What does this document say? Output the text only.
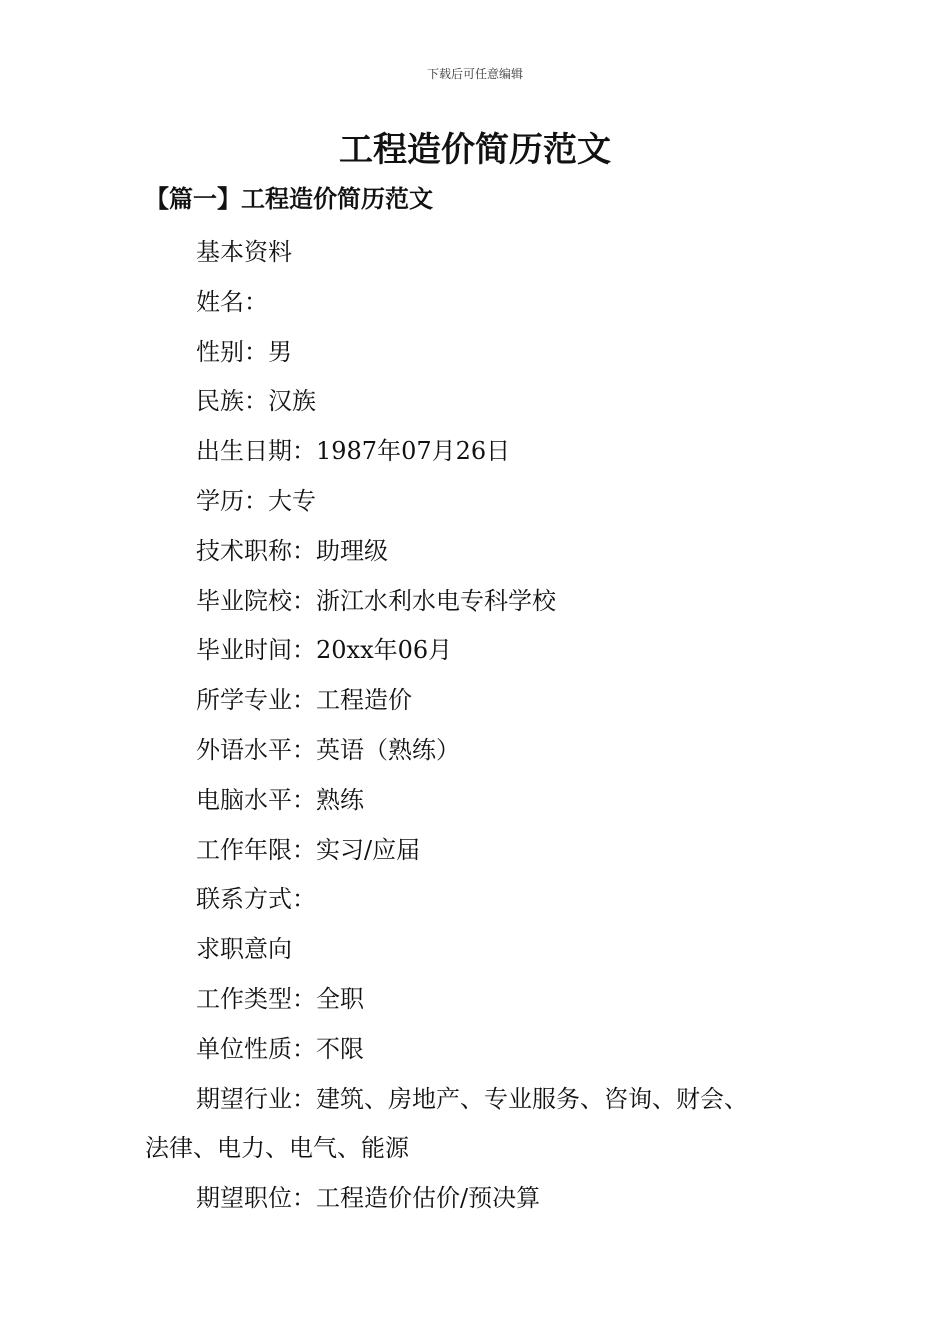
下载后可任意编辑
工程造价简历范文
【篇一】工程造价简历范文
基本资料
姓名：
性别：男
民族：汉族
出生日期：1987年07月26日
学历：大专
技术职称：助理级
毕业院校：浙江水利水电专科学校
毕业时间：20xx年06月
所学专业：工程造价
外语水平：英语（熟练）
电脑水平：熟练
工作年限：实习/应届
联系方式：
求职意向
工作类型：全职
单位性质：不限
期望行业：建筑、房地产、专业服务、咨询、财会、
法律、电力、电气、能源
期望职位：工程造价估价/预决算
